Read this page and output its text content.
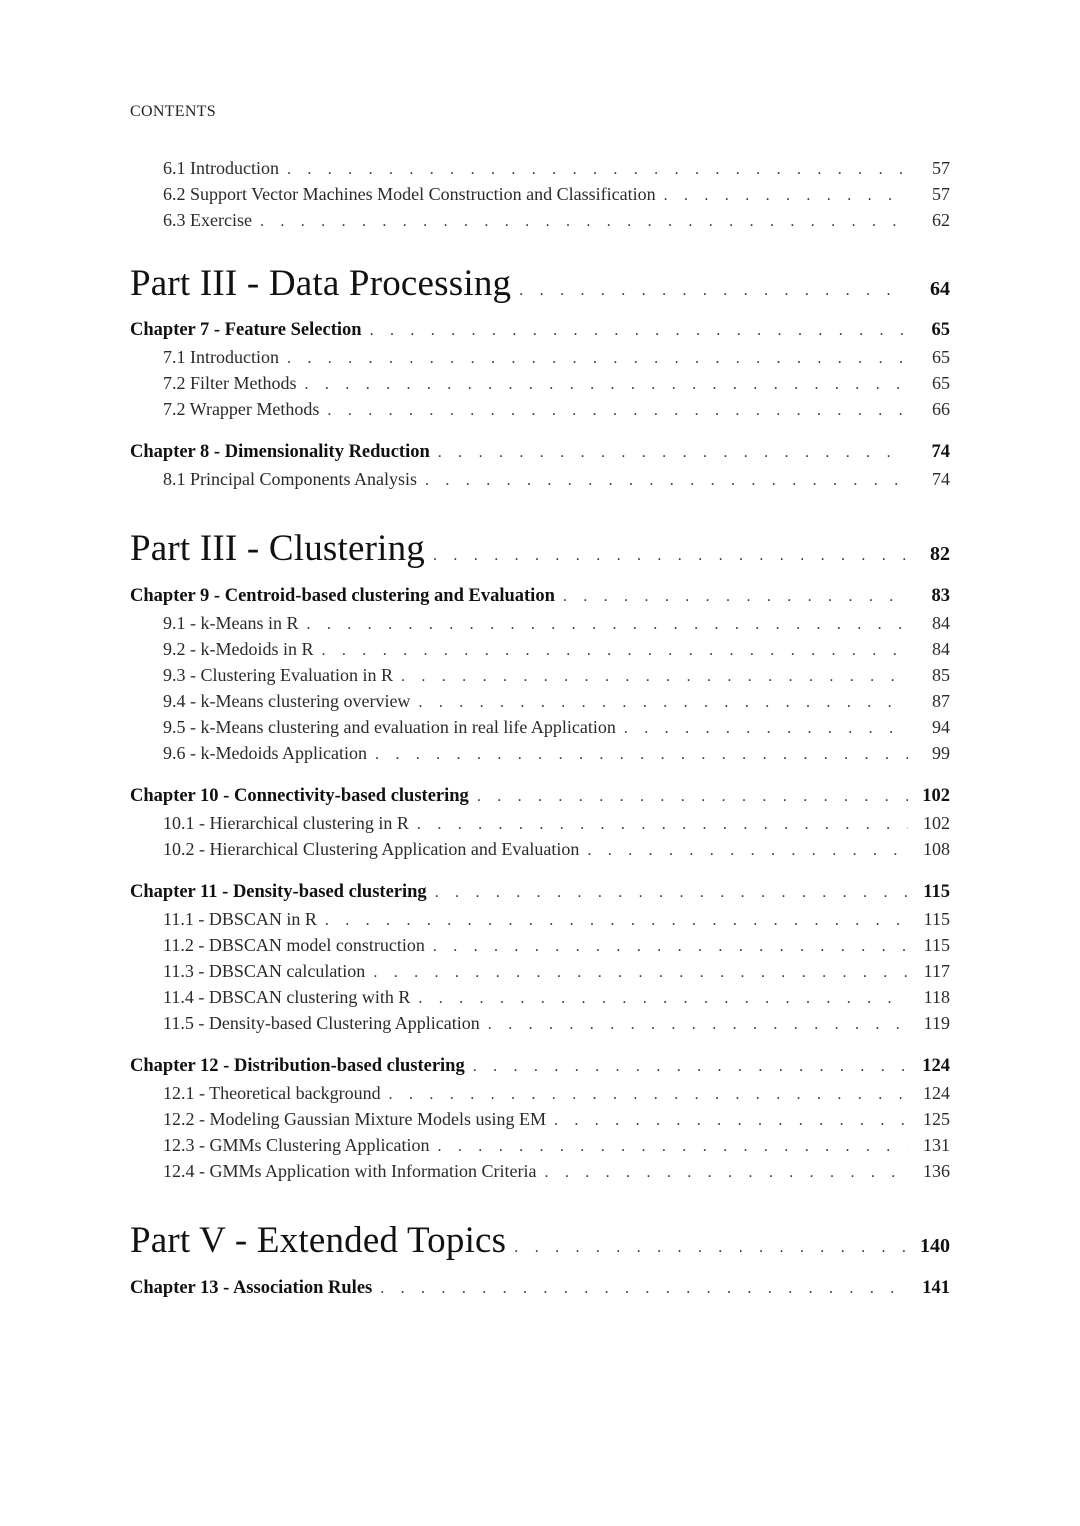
CONTENTS
6.1 Introduction . . .	57
6.2 Support Vector Machines Model Construction and Classification . . .	57
6.3 Exercise . . .	62
Part III - Data Processing . . .	64
Chapter 7 - Feature Selection . . .	65
7.1 Introduction . . .	65
7.2 Filter Methods . . .	65
7.2 Wrapper Methods . . .	66
Chapter 8 - Dimensionality Reduction . . .	74
8.1 Principal Components Analysis . . .	74
Part III - Clustering . . .	82
Chapter 9 - Centroid-based clustering and Evaluation . . .	83
9.1 - k-Means in R . . .	84
9.2 - k-Medoids in R . . .	84
9.3 - Clustering Evaluation in R . . .	85
9.4 - k-Means clustering overview . . .	87
9.5 - k-Means clustering and evaluation in real life Application . . .	94
9.6 - k-Medoids Application . . .	99
Chapter 10 - Connectivity-based clustering . . .	102
10.1 - Hierarchical clustering in R . . .	102
10.2 - Hierarchical Clustering Application and Evaluation . . .	108
Chapter 11 - Density-based clustering . . .	115
11.1 - DBSCAN in R . . .	115
11.2 - DBSCAN model construction . . .	115
11.3 - DBSCAN calculation . . .	117
11.4 - DBSCAN clustering with R . . .	118
11.5 - Density-based Clustering Application . . .	119
Chapter 12 - Distribution-based clustering . . .	124
12.1 - Theoretical background . . .	124
12.2 - Modeling Gaussian Mixture Models using EM . . .	125
12.3 - GMMs Clustering Application . . .	131
12.4 - GMMs Application with Information Criteria . . .	136
Part V - Extended Topics . . .	140
Chapter 13 - Association Rules . . .	141
